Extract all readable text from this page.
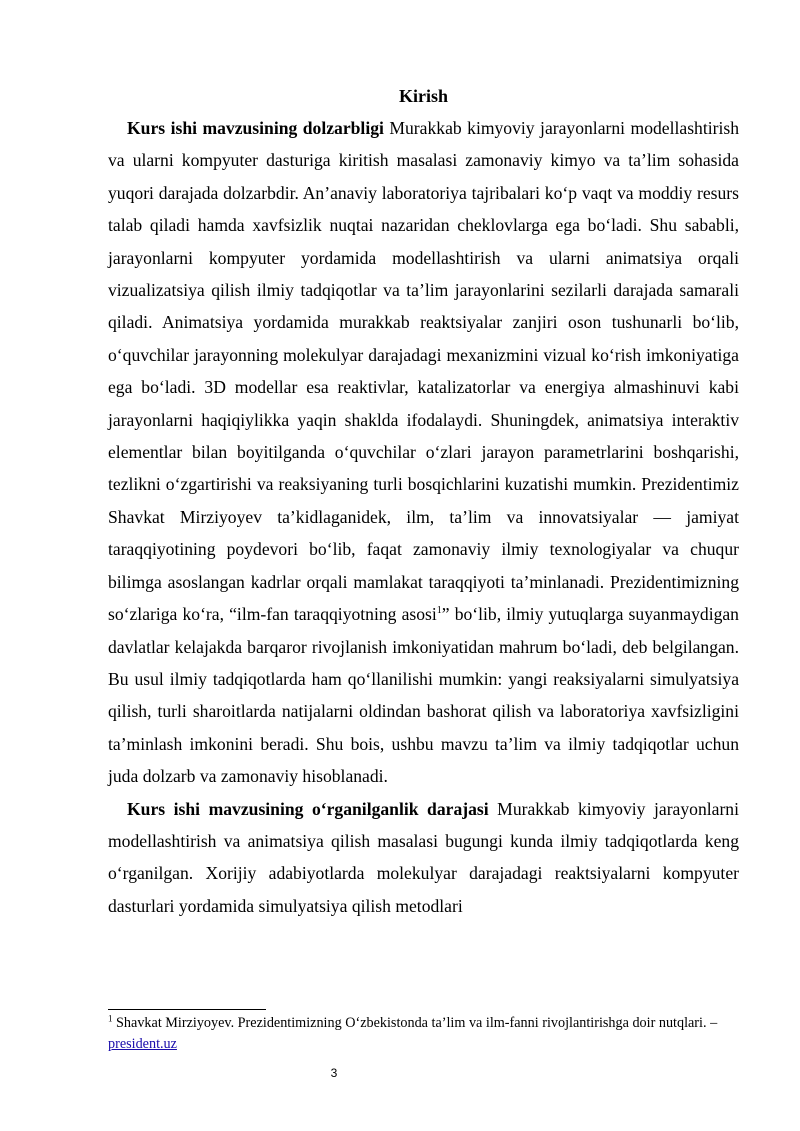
Kirish

Kurs ishi mavzusining dolzarbligi Murakkab kimyoviy jarayonlarni modellashtirish va ularni kompyuter dasturiga kiritish masalasi zamonaviy kimyo va ta’lim sohasida yuqori darajada dolzarbdir. An’anaviy laboratoriya tajribalari ko‘p vaqt va moddiy resurs talab qiladi hamda xavfsizlik nuqtai nazaridan cheklovlarga ega bo‘ladi. Shu sababli, jarayonlarni kompyuter yordamida modellashtirish va ularni animatsiya orqali vizualizatsiya qilish ilmiy tadqiqotlar va ta’lim jarayonlarini sezilarli darajada samarali qiladi. Animatsiya yordamida murakkab reaktsiyalar zanjiri oson tushunarli bo‘lib, o‘quvchilar jarayonning molekulyar darajadagi mexanizmini vizual ko‘rish imkoniyatiga ega bo‘ladi. 3D modellar esa reaktivlar, katalizatorlar va energiya almashinuvi kabi jarayonlarni haqiqiylikka yaqin shaklda ifodalaydi. Shuningdek, animatsiya interaktiv elementlar bilan boyitilganda o‘quvchilar o‘zlari jarayon parametrlarini boshqarishi, tezlikni o‘zgartirishi va reaksiyaning turli bosqichlarini kuzatishi mumkin. Prezidentimiz Shavkat Mirziyoyev ta’kidlaganidek, ilm, ta’lim va innovatsiyalar — jamiyat taraqqiyotining poydevori bo‘lib, faqat zamonaviy ilmiy texnologiyalar va chuqur bilimga asoslangan kadrlar orqali mamlakat taraqqiyoti ta’minlanadi. Prezidentimizning so‘zlariga ko‘ra, “ilm-fan taraqqiyotning asosi$^1$” bo‘lib, ilmiy yutuqlarga suyanmaydigan davlatlar kelajakda barqaror rivojlanish imkoniyatidan mahrum bo‘ladi, deb belgilangan. Bu usul ilmiy tadqiqotlarda ham qo‘llanilishi mumkin: yangi reaksiyalarni simulyatsiya qilish, turli sharoitlarda natijalarni oldindan bashorat qilish va laboratoriya xavfsizligini ta’minlash imkonini beradi. Shu bois, ushbu mavzu ta’lim va ilmiy tadqiqotlar uchun juda dolzarb va zamonaviy hisoblanadi.

Kurs ishi mavzusining o‘rganilganlik darajasi Murakkab kimyoviy jarayonlarni modellashtirish va animatsiya qilish masalasi bugungi kunda ilmiy tadqiqotlarda keng o‘rganilgan. Xorijiy adabiyotlarda molekulyar darajadagi reaktsiyalarni kompyuter dasturlari yordamida simulyatsiya qilish metodlari

$^1$ Shavkat Mirziyoyev. Prezidentimizning O‘zbekistonda ta’lim va ilm-fanni rivojlantirishga doir nutqlari. – president.uz
3
